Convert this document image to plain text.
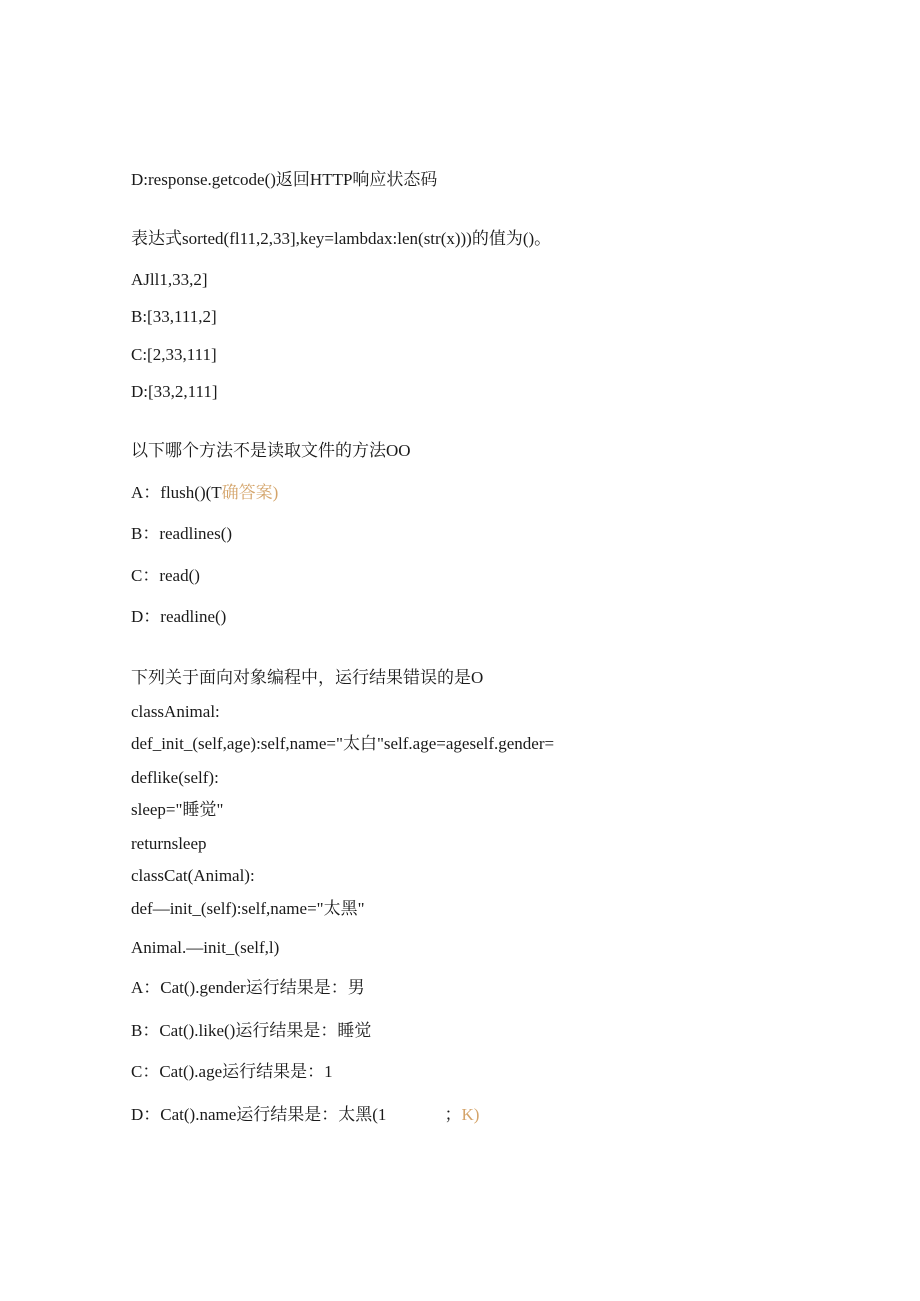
D:response.getcode()返回HTTP响应状态码
表达式sorted(fl11,2,33],key=lambdax:len(str(x)))的值为()。
AJll1,33,2]
B:[33,111,2]
C:[2,33,111]
D:[33,2,111]
以下哪个方法不是读取文件的方法OO
A：flush()(T确答案)
B：readlines()
C：read()
D：readline()
下列关于面向对象编程中，运行结果错误的是O
classAnimal:
def_init_(self,age):self,name="太白"self.age=ageself.gender=
deflike(self):
sleep="睡觉"
returnsleep
classCat(Animal):
def—init_(self):self,name="太黑"
Animal.—init_(self,l)
A：Cat().gender运行结果是：男
B：Cat().like()运行结果是：睡觉
C：Cat().age运行结果是：1
D：Cat().name运行结果是：太黑(1	；K)
